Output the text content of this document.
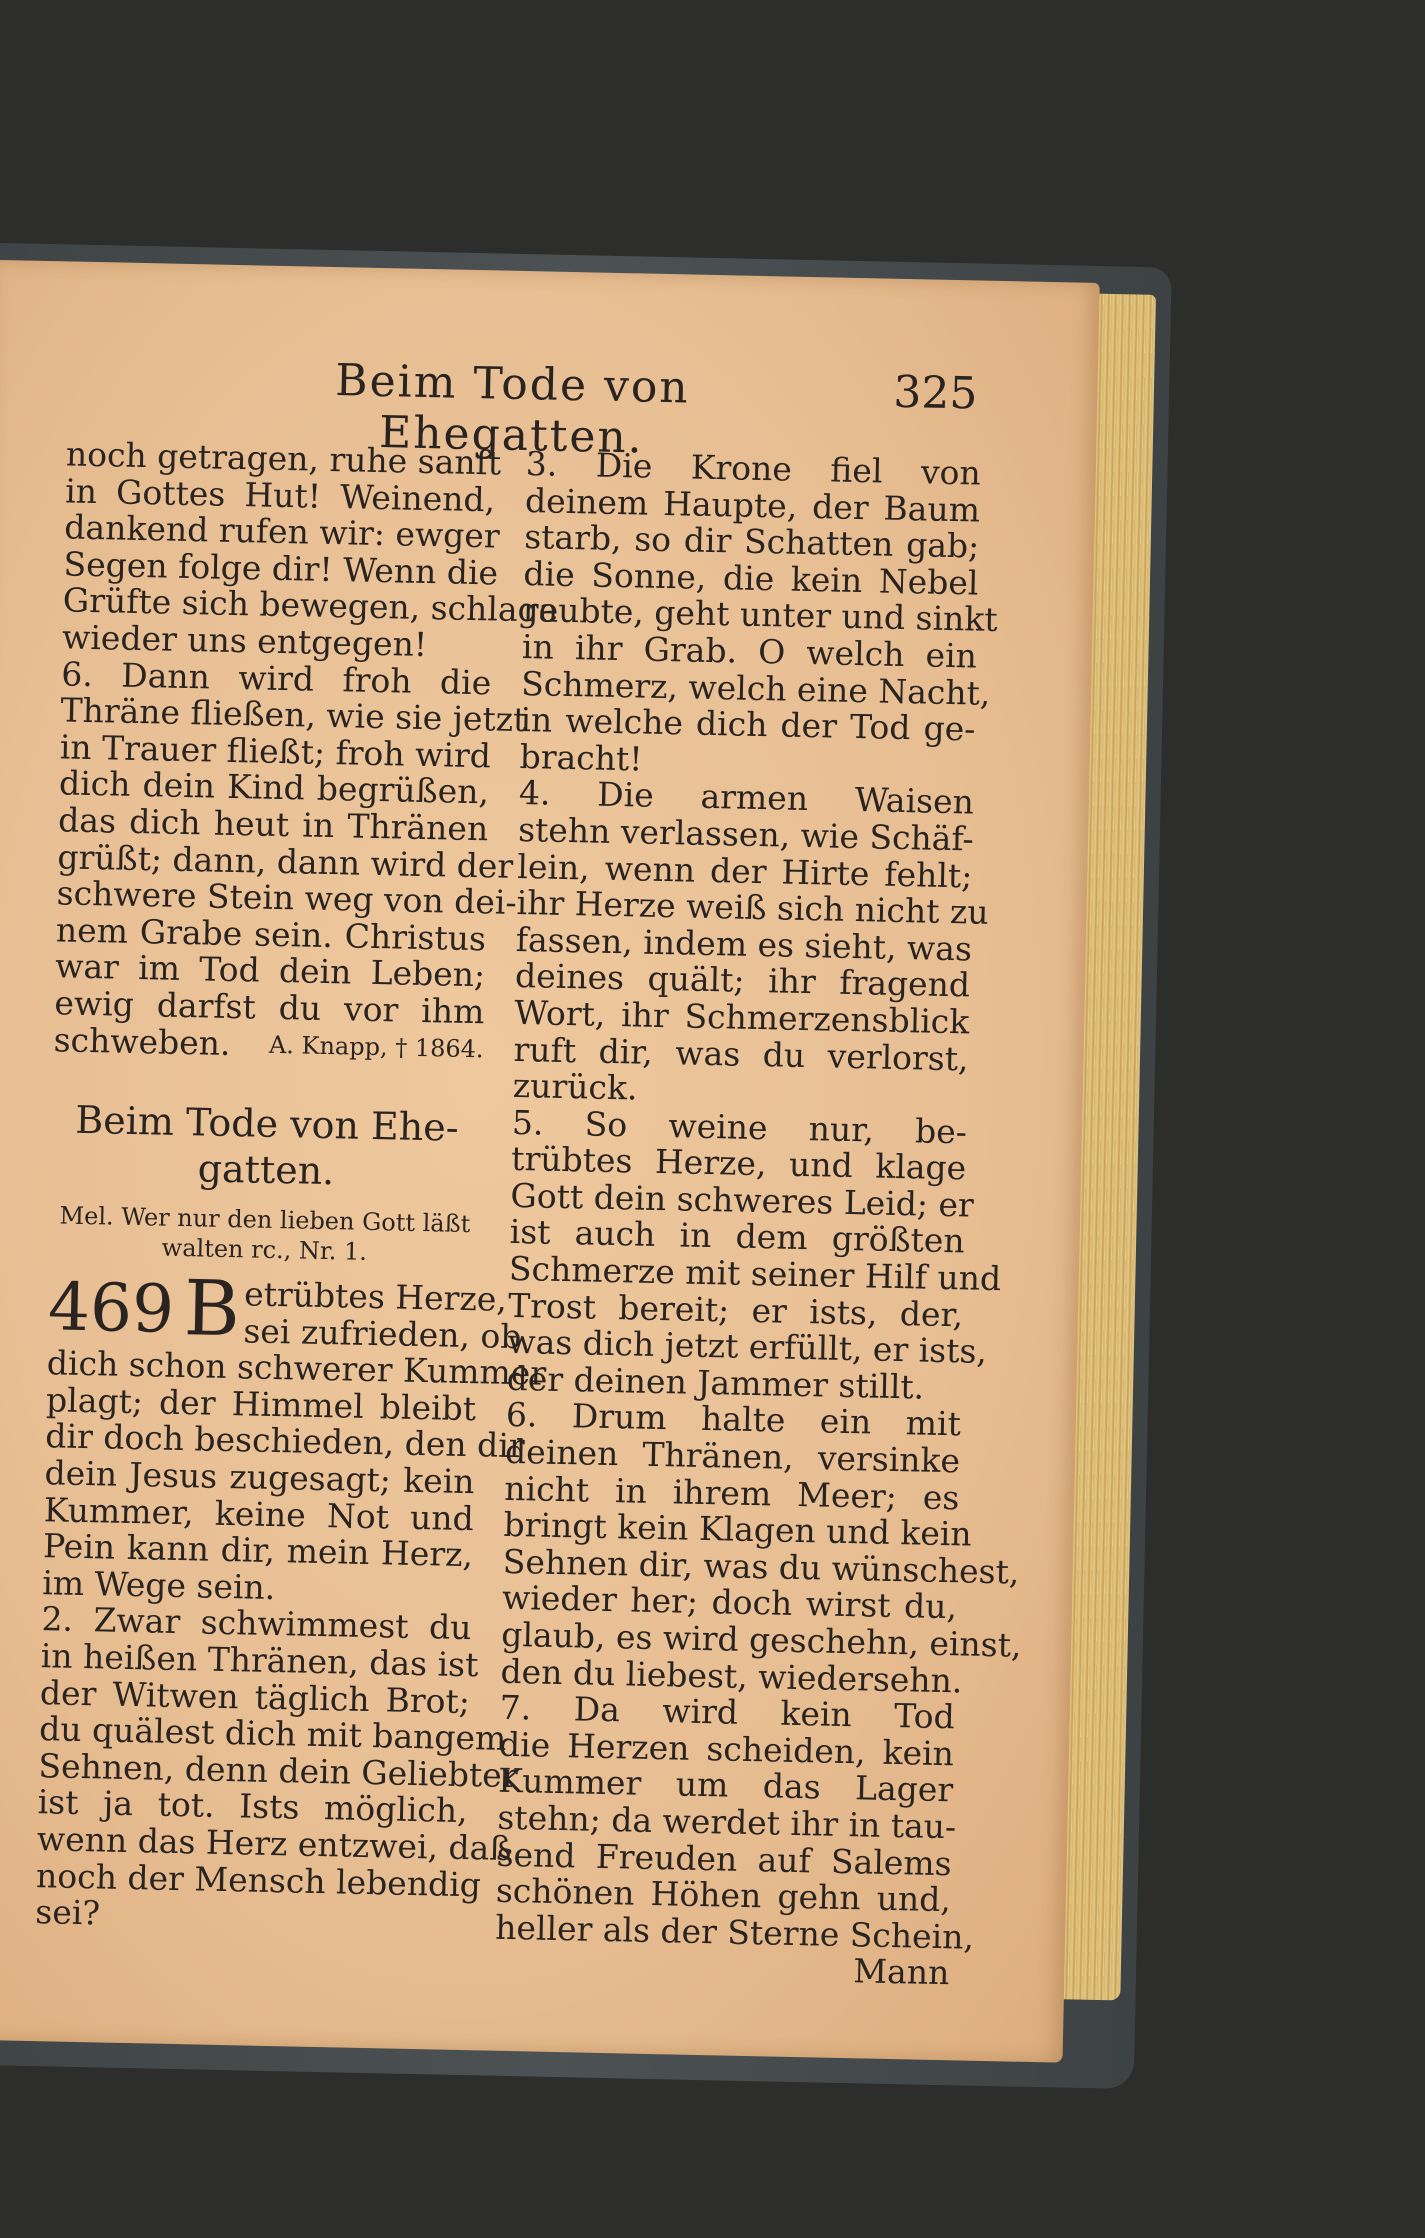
Beim Tode von Ehegatten.
325
noch getragen, ruhe sanft
in Gottes Hut! Weinend,
dankend rufen wir: ewger
Segen folge dir! Wenn die
Grüfte sich bewegen, schlage
wieder uns entgegen!
6. Dann wird froh die
Thräne fließen, wie sie jetzt
in Trauer fließt; froh wird
dich dein Kind begrüßen,
das dich heut in Thränen
grüßt; dann, dann wird der
schwere Stein weg von dei-
nem Grabe sein. Christus
war im Tod dein Leben;
ewig darfst du vor ihm
schweben. A. Knapp, † 1864.
Beim Tode von Ehe-
gatten.
Mel. Wer nur den lieben Gott läßt
walten rc., Nr. 1.
469 B etrübtes Herze,
sei zufrieden, ob
dich schon schwerer Kummer
plagt; der Himmel bleibt
dir doch beschieden, den dir
dein Jesus zugesagt; kein
Kummer, keine Not und
Pein kann dir, mein Herz,
im Wege sein.
2. Zwar schwimmest du
in heißen Thränen, das ist
der Witwen täglich Brot;
du quälest dich mit bangem
Sehnen, denn dein Geliebter
ist ja tot. Ists möglich,
wenn das Herz entzwei, daß
noch der Mensch lebendig
sei?
3. Die Krone fiel von
deinem Haupte, der Baum
starb, so dir Schatten gab;
die Sonne, die kein Nebel
raubte, geht unter und sinkt
in ihr Grab. O welch ein
Schmerz, welch eine Nacht,
in welche dich der Tod ge-
bracht!
4. Die armen Waisen
stehn verlassen, wie Schäf-
lein, wenn der Hirte fehlt;
ihr Herze weiß sich nicht zu
fassen, indem es sieht, was
deines quält; ihr fragend
Wort, ihr Schmerzensblick
ruft dir, was du verlorst,
zurück.
5. So weine nur, be-
trübtes Herze, und klage
Gott dein schweres Leid; er
ist auch in dem größten
Schmerze mit seiner Hilf und
Trost bereit; er ists, der,
was dich jetzt erfüllt, er ists,
der deinen Jammer stillt.
6. Drum halte ein mit
deinen Thränen, versinke
nicht in ihrem Meer; es
bringt kein Klagen und kein
Sehnen dir, was du wünschest,
wieder her; doch wirst du,
glaub, es wird geschehn, einst,
den du liebest, wiedersehn.
7. Da wird kein Tod
die Herzen scheiden, kein
Kummer um das Lager
stehn; da werdet ihr in tau-
send Freuden auf Salems
schönen Höhen gehn und,
heller als der Sterne Schein,
Mann
